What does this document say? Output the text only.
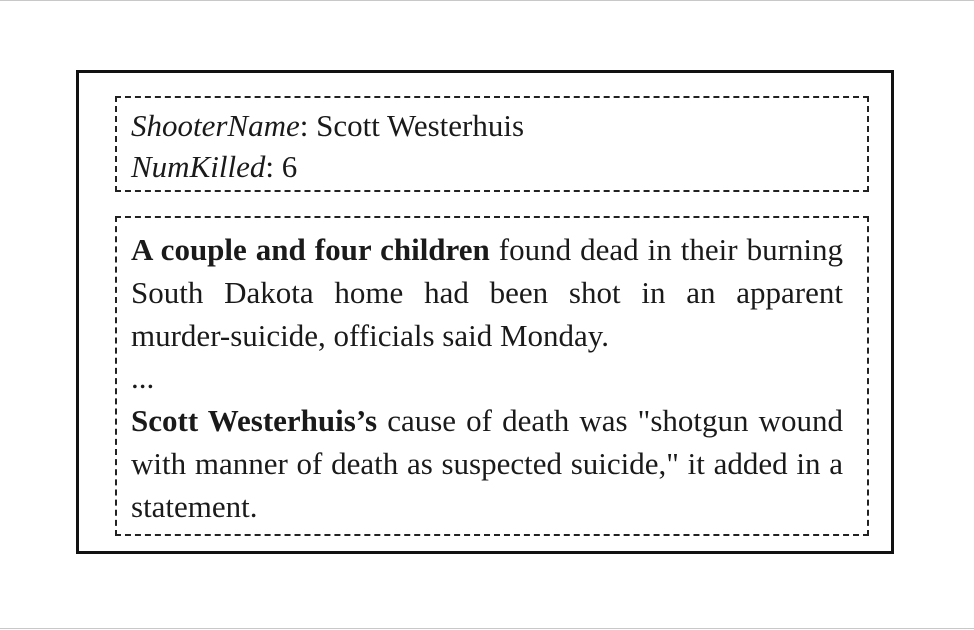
ShooterName: Scott Westerhuis
NumKilled: 6
A couple and four children found dead in their burning South Dakota home had been shot in an apparent murder-suicide, officials said Monday.
...
Scott Westerhuis’s cause of death was "shotgun wound with manner of death as suspected suicide," it added in a statement.
